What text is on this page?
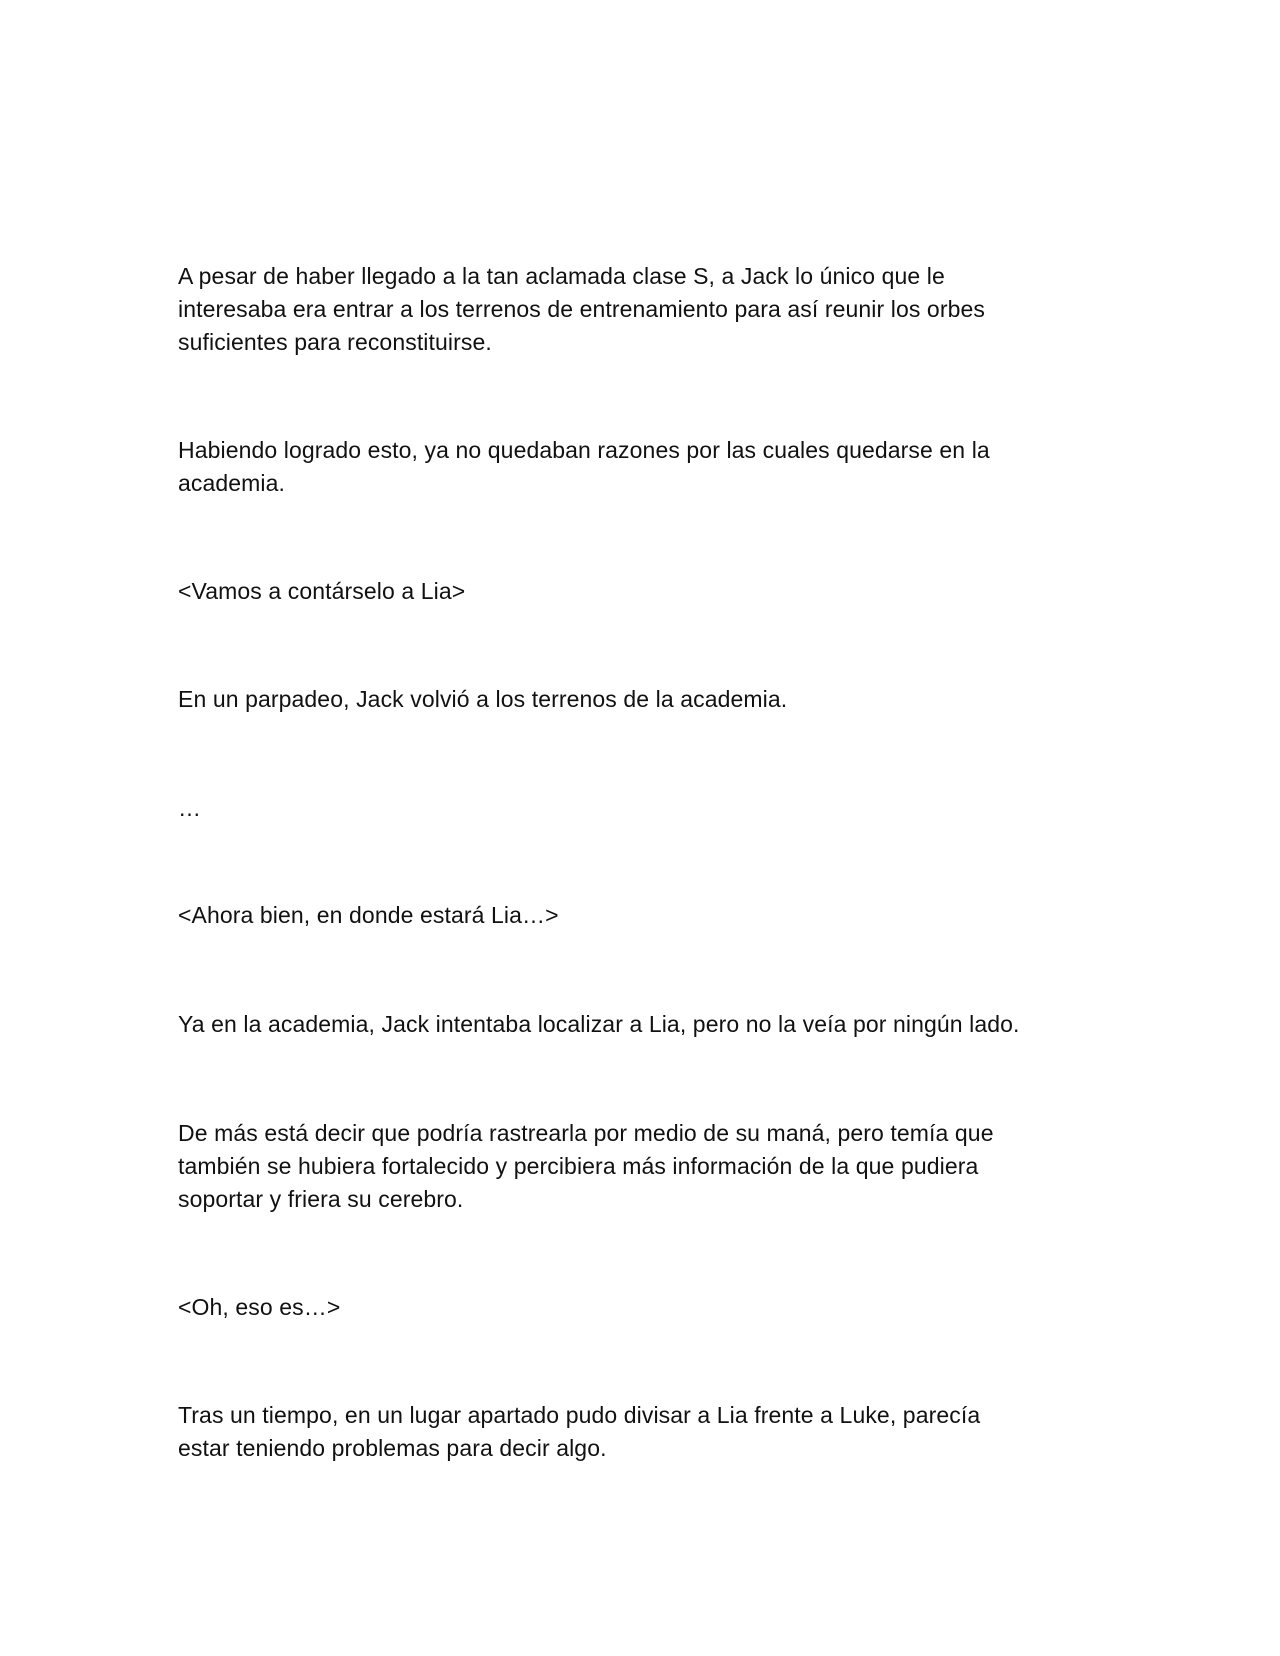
A pesar de haber llegado a la tan aclamada clase S, a Jack lo único que le
interesaba era entrar a los terrenos de entrenamiento para así reunir los orbes
suficientes para reconstituirse.

Habiendo logrado esto, ya no quedaban razones por las cuales quedarse en la
academia.

<Vamos a contárselo a Lia>

En un parpadeo, Jack volvió a los terrenos de la academia.

…

<Ahora bien, en donde estará Lia…>

Ya en la academia, Jack intentaba localizar a Lia, pero no la veía por ningún lado.

De más está decir que podría rastrearla por medio de su maná, pero temía que
también se hubiera fortalecido y percibiera más información de la que pudiera
soportar y friera su cerebro.

<Oh, eso es…>

Tras un tiempo, en un lugar apartado pudo divisar a Lia frente a Luke, parecía
estar teniendo problemas para decir algo.
